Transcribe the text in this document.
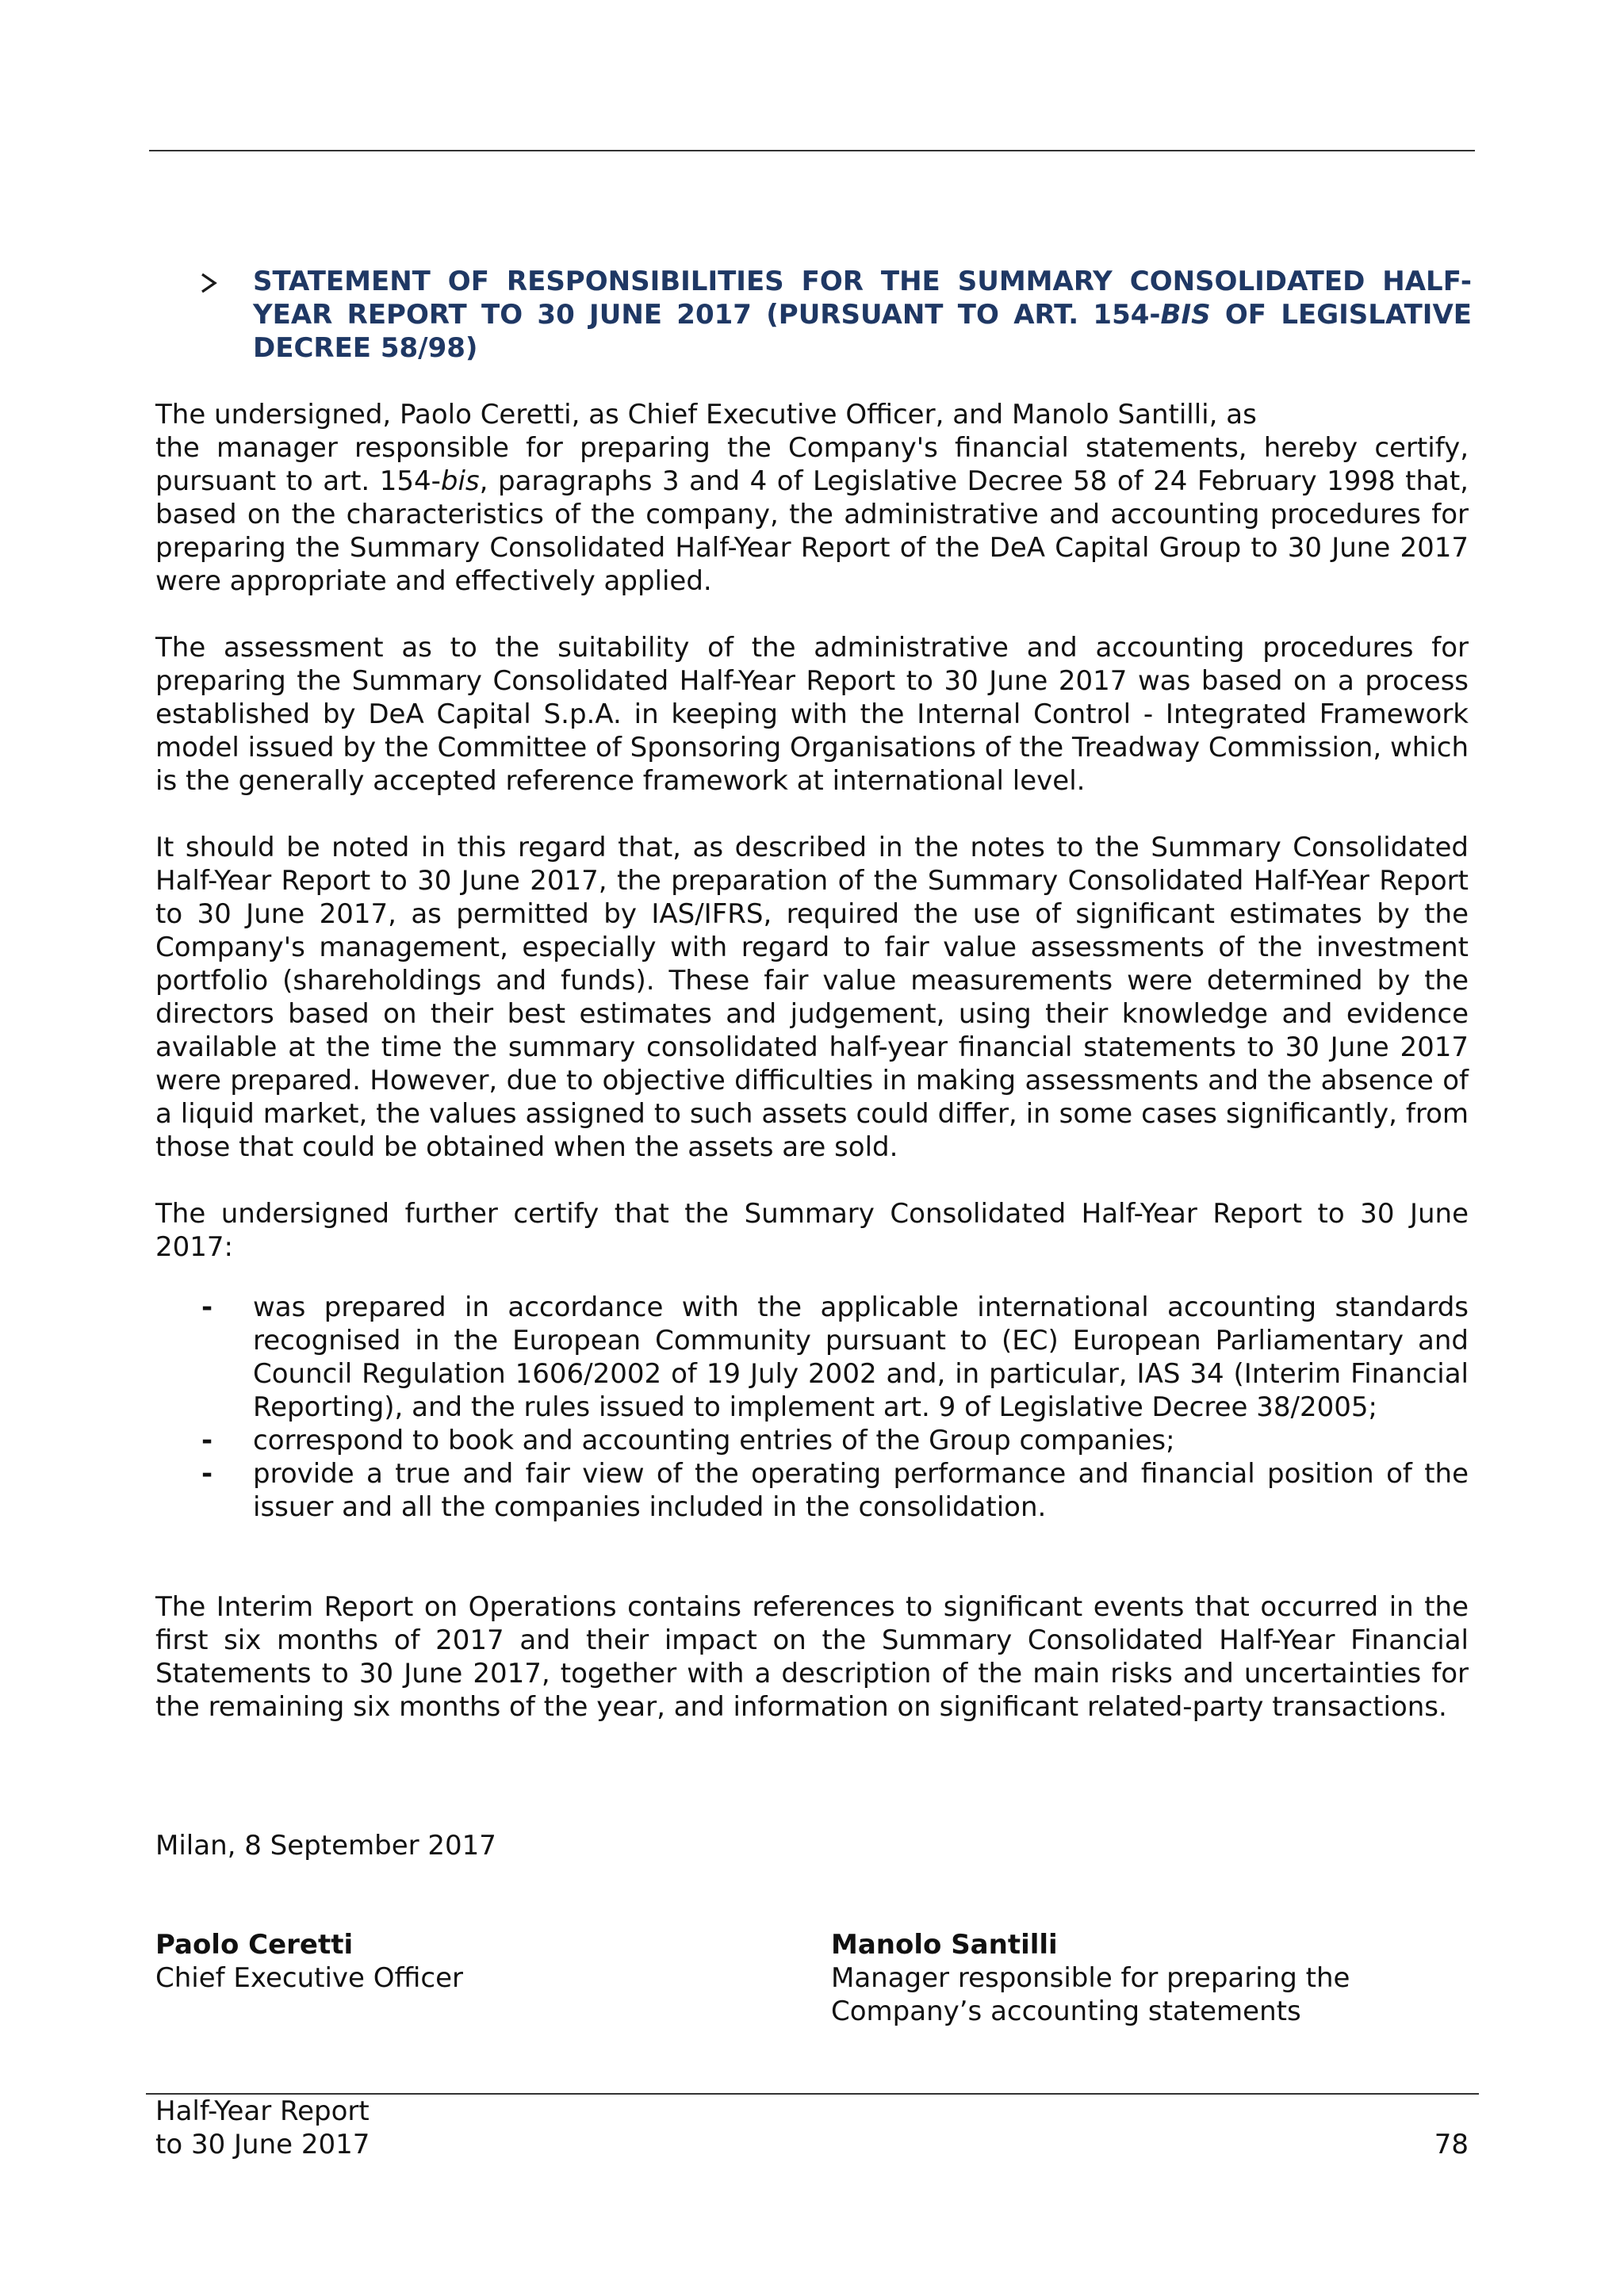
STATEMENT OF RESPONSIBILITIES FOR THE SUMMARY CONSOLIDATED HALF-YEAR REPORT TO 30 JUNE 2017 (PURSUANT TO ART. 154-BIS OF LEGISLATIVE DECREE 58/98)
The undersigned, Paolo Ceretti, as Chief Executive Officer, and Manolo Santilli, as
the manager responsible for preparing the Company's financial statements, hereby certify, pursuant to art. 154-bis, paragraphs 3 and 4 of Legislative Decree 58 of 24 February 1998 that, based on the characteristics of the company, the administrative and accounting procedures for preparing the Summary Consolidated Half-Year Report of the DeA Capital Group to 30 June 2017 were appropriate and effectively applied.

The assessment as to the suitability of the administrative and accounting procedures for preparing the Summary Consolidated Half-Year Report to 30 June 2017 was based on a process established by DeA Capital S.p.A. in keeping with the Internal Control - Integrated Framework model issued by the Committee of Sponsoring Organisations of the Treadway Commission, which is the generally accepted reference framework at international level.

It should be noted in this regard that, as described in the notes to the Summary Consolidated Half-Year Report to 30 June 2017, the preparation of the Summary Consolidated Half-Year Report to 30 June 2017, as permitted by IAS/IFRS, required the use of significant estimates by the Company's management, especially with regard to fair value assessments of the investment portfolio (shareholdings and funds). These fair value measurements were determined by the directors based on their best estimates and judgement, using their knowledge and evidence available at the time the summary consolidated half-year financial statements to 30 June 2017 were prepared. However, due to objective difficulties in making assessments and the absence of a liquid market, the values assigned to such assets could differ, in some cases significantly, from those that could be obtained when the assets are sold.

The undersigned further certify that the Summary Consolidated Half-Year Report to 30 June 2017:

-	was prepared in accordance with the applicable international accounting standards recognised in the European Community pursuant to (EC) European Parliamentary and Council Regulation 1606/2002 of 19 July 2002 and, in particular, IAS 34 (Interim Financial Reporting), and the rules issued to implement art. 9 of Legislative Decree 38/2005;
-	correspond to book and accounting entries of the Group companies;
-	provide a true and fair view of the operating performance and financial position of the issuer and all the companies included in the consolidation.

The Interim Report on Operations contains references to significant events that occurred in the first six months of 2017 and their impact on the Summary Consolidated Half-Year Financial Statements to 30 June 2017, together with a description of the main risks and uncertainties for the remaining six months of the year, and information on significant related-party transactions.

Milan, 8 September 2017

Paolo Ceretti
Chief Executive Officer
Manolo Santilli
Manager responsible for preparing the
Company’s accounting statements
Half-Year Report
to 30 June 2017	78
